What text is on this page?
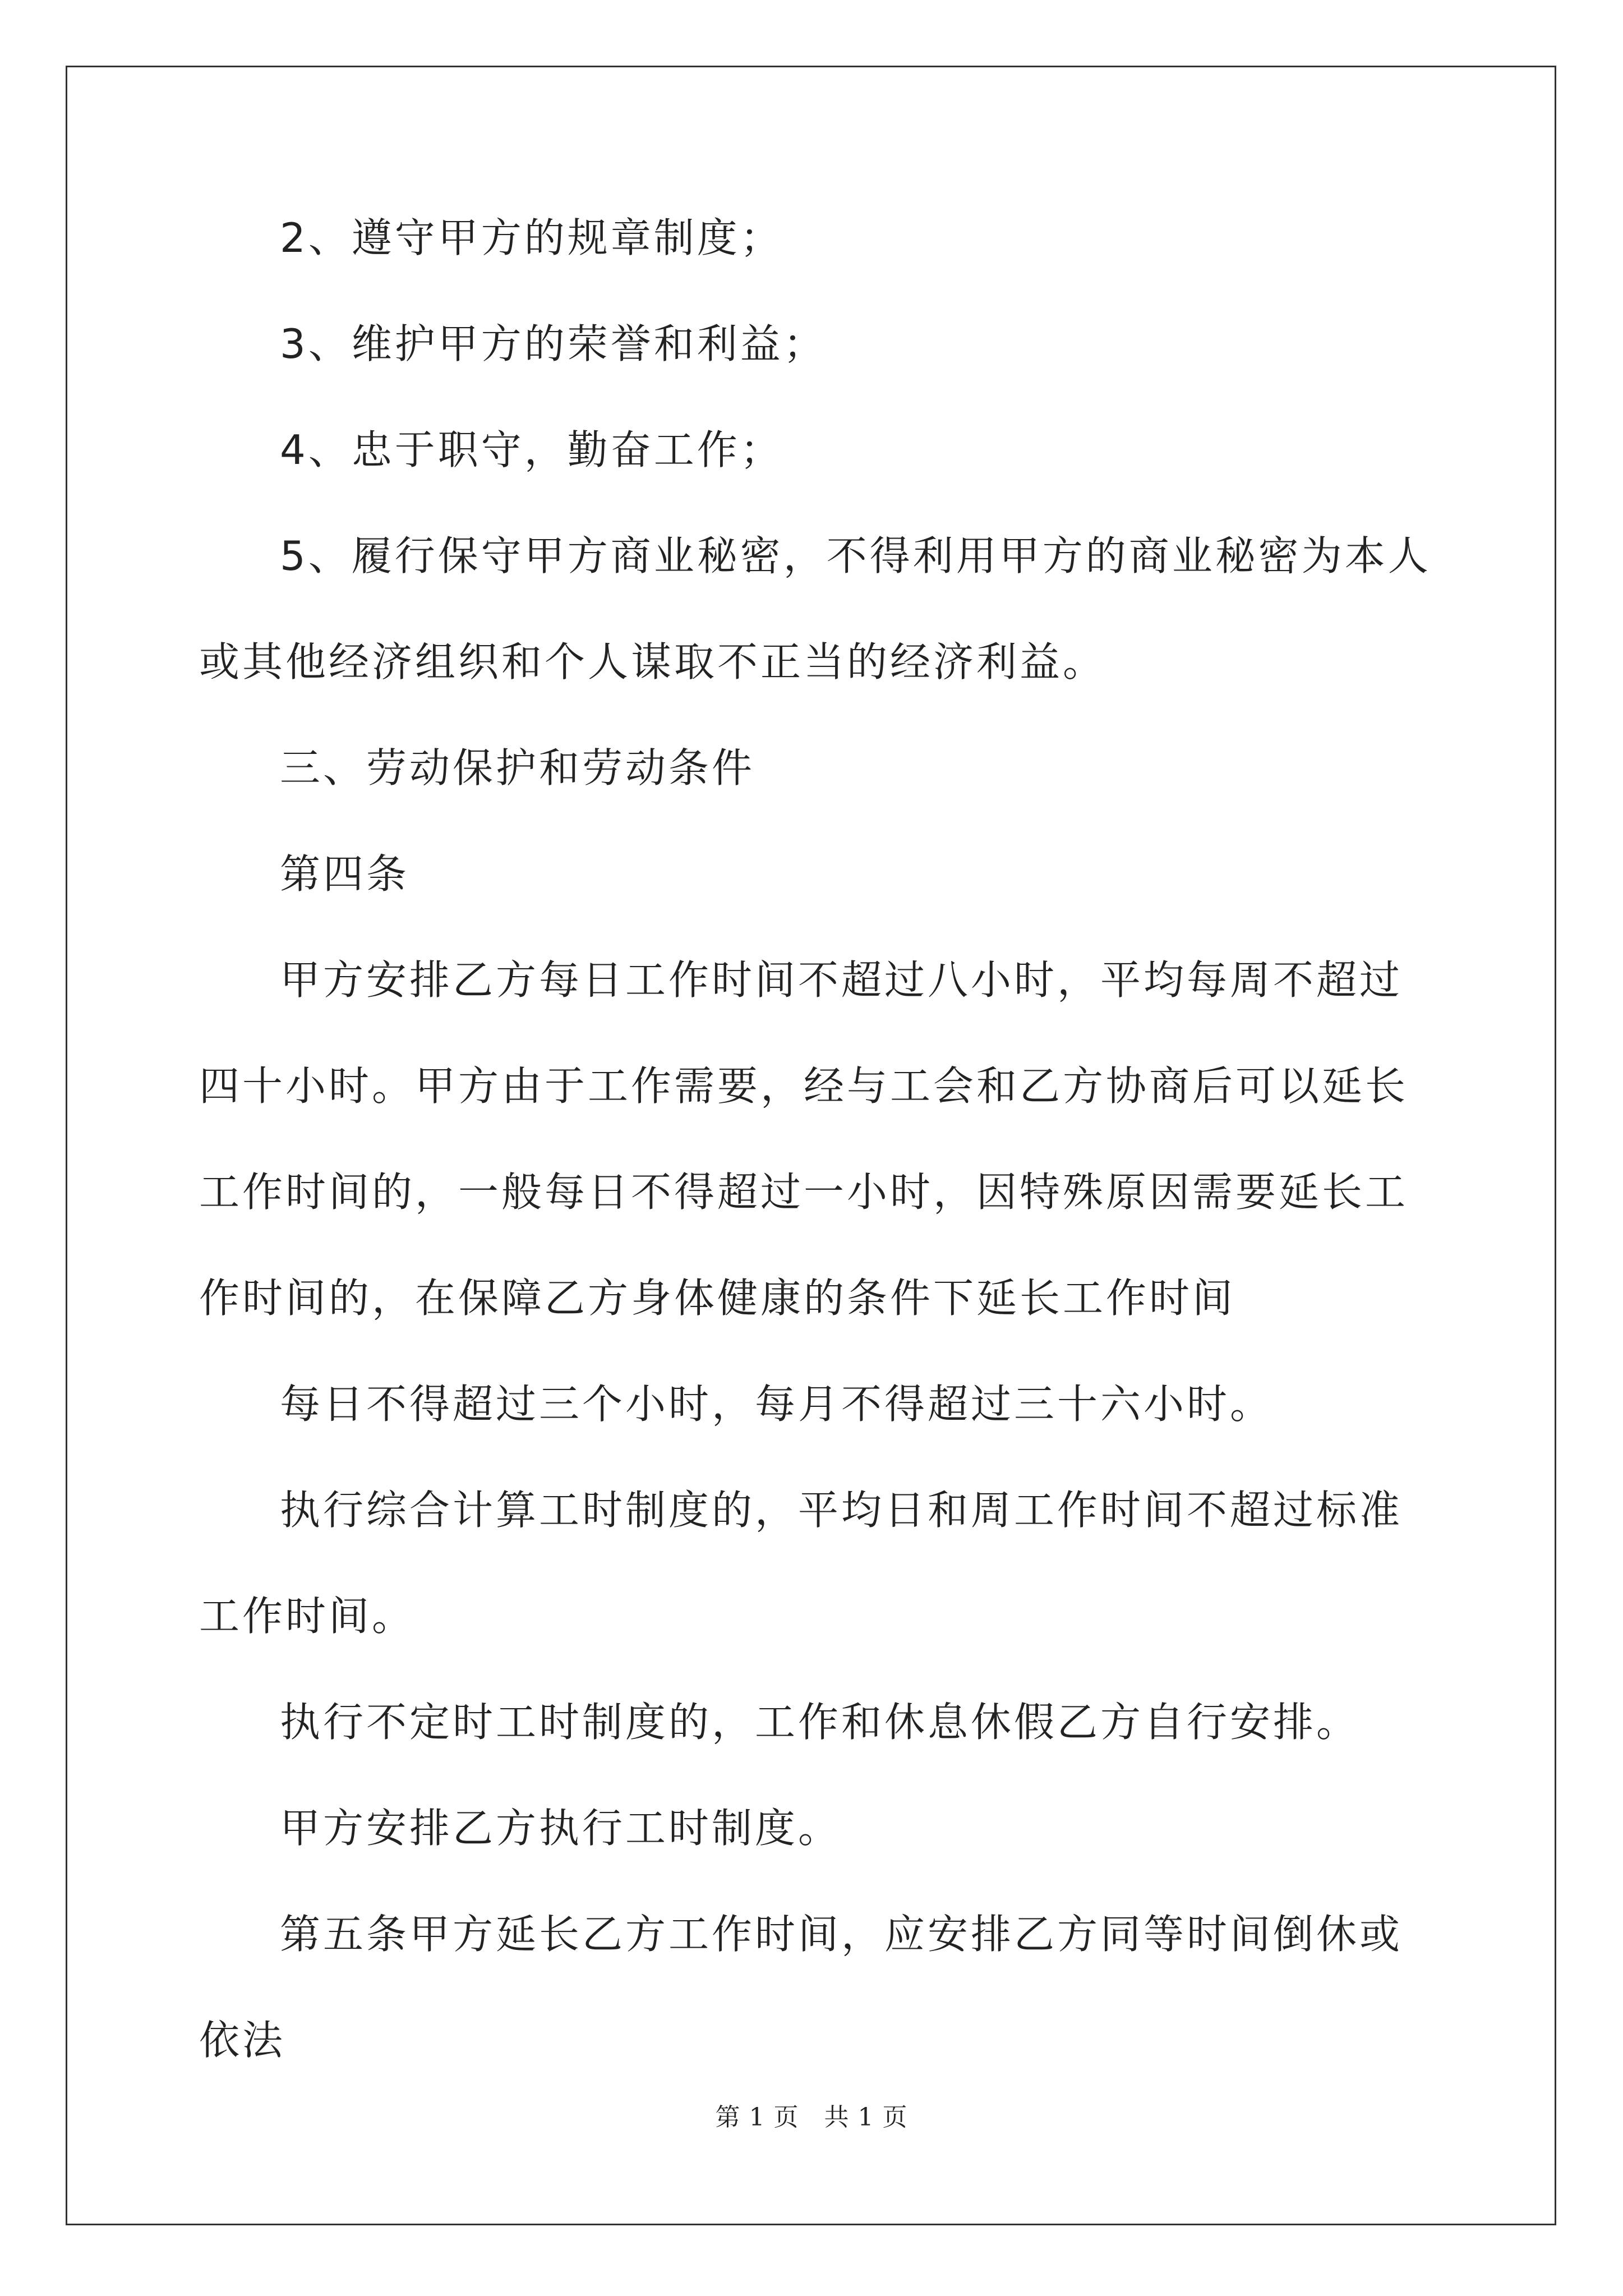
2、遵守甲方的规章制度；

3、维护甲方的荣誉和利益；

4、忠于职守，勤奋工作；

5、履行保守甲方商业秘密，不得利用甲方的商业秘密为本人或其他经济组织和个人谋取不正当的经济利益。

三、劳动保护和劳动条件

第四条

甲方安排乙方每日工作时间不超过八小时，平均每周不超过四十小时。甲方由于工作需要，经与工会和乙方协商后可以延长工作时间的，一般每日不得超过一小时，因特殊原因需要延长工作时间的，在保障乙方身体健康的条件下延长工作时间

每日不得超过三个小时，每月不得超过三十六小时。

执行综合计算工时制度的，平均日和周工作时间不超过标准工作时间。

执行不定时工时制度的，工作和休息休假乙方自行安排。

甲方安排乙方执行工时制度。

第五条甲方延长乙方工作时间，应安排乙方同等时间倒休或依法

第 1 页　共 1 页
